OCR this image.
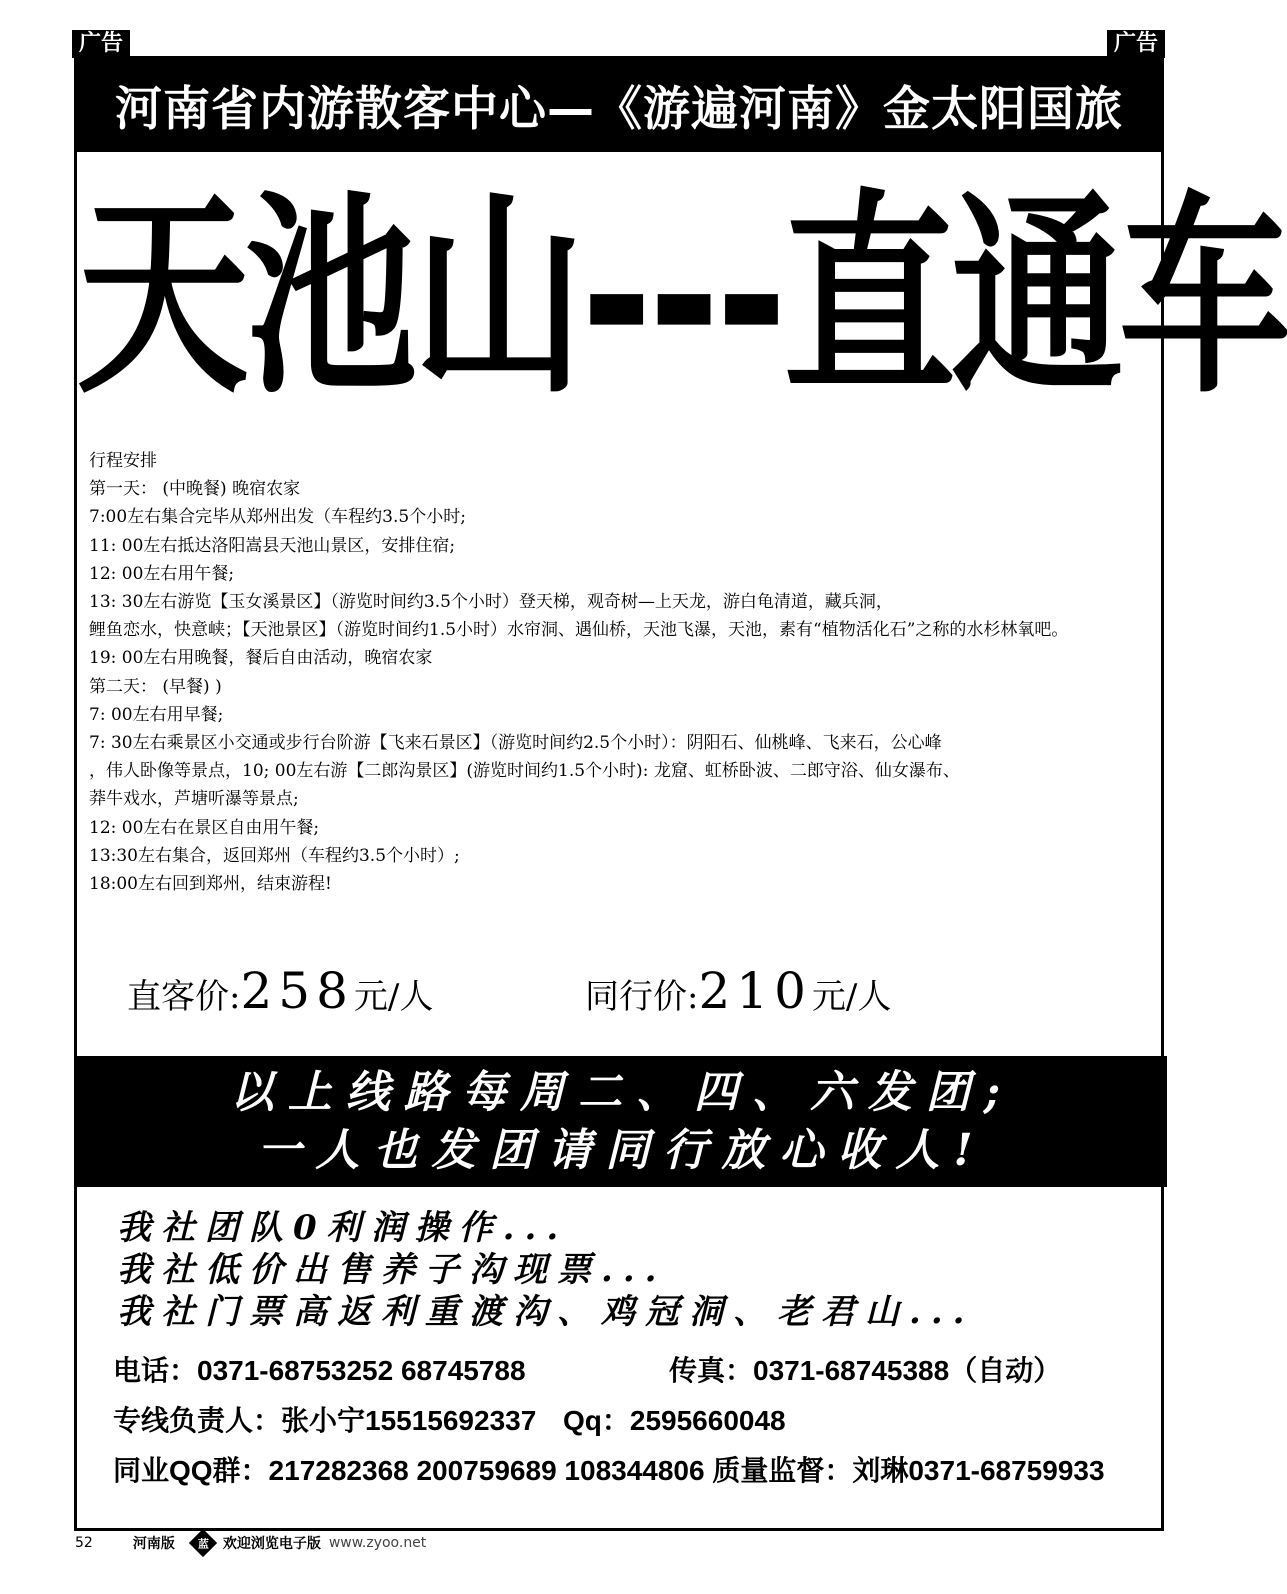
广告	广告
河南省内游散客中心—《游遍河南》金太阳国旅
天池山---直通车
行程安排
第一天： (中晚餐) 晚宿农家
7:00左右集合完毕从郑州出发（车程约3.5个小时;
11: 00左右抵达洛阳嵩县天池山景区，安排住宿;
12: 00左右用午餐;
13: 30左右游览【玉女溪景区】（游览时间约3.5个小时）登天梯，观奇树—上天龙，游白龟清道，藏兵洞，
鲤鱼恋水，快意峡；【天池景区】（游览时间约1.5小时）水帘洞、遇仙桥，天池飞瀑，天池，素有“植物活化石”之称的水杉林氧吧。
19: 00左右用晚餐，餐后自由活动，晚宿农家
第二天： (早餐) )
7: 00左右用早餐;
7: 30左右乘景区小交通或步行台阶游【飞来石景区】（游览时间约2.5个小时）：阴阳石、仙桃峰、飞来石，公心峰
，伟人卧像等景点，10; 00左右游【二郎沟景区】(游览时间约1.5个小时): 龙窟、虹桥卧波、二郎守浴、仙女瀑布、
莽牛戏水，芦塘听瀑等景点;
12: 00左右在景区自由用午餐;
13:30左右集合，返回郑州（车程约3.5个小时）;
18:00左右回到郑州，结束游程!
直客价:258元/人	同行价:210元/人
以上线路每周二、四、六发团;
一人也发团请同行放心收人!
我社团队0利润操作...
我社低价出售养子沟现票...
我社门票高返利重渡沟、鸡冠洞、老君山...
电话：0371-68753252 68745788	传真：0371-68745388（自动）
专线负责人：张小宁15515692337 Qq：2595660048
同业QQ群：217282368 200759689 108344806 质量监督：刘琳0371-68759933
52	河南版 蓝 欢迎浏览电子版 www.zyoo.net
